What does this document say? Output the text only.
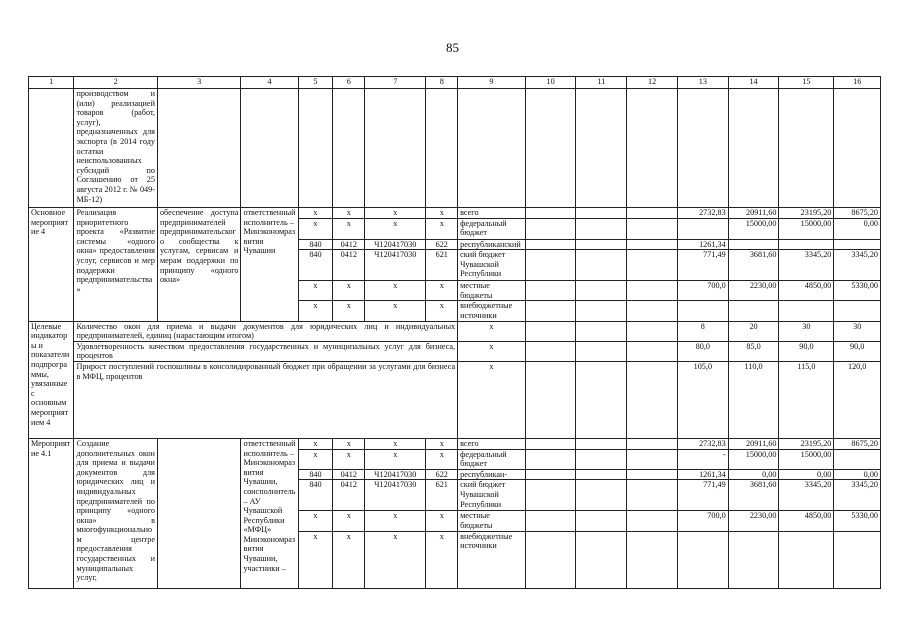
85
1	2	3	4	5	6	7	8	9	10	11	12	13	14	15	16
	производством и (или) реализацией товаров (работ, услуг), предназначенных для экспорта (в 2014 году остатки неиспользованных субсидий по Соглашению от 25 августа 2012 г. № 049-МБ-12)														
Основное мероприятие 4	Реализация приоритетного проекта «Развитие системы «одного окна» предоставления услуг, сервисов и мер поддержки предпринимательства»	обеспечение доступа предпринимателей предпринимательского сообщества к услугам, сервисам и мерам поддержки по принципу «одного окна»	ответственный исполнитель – Минэкономразвития Чувашии	x	x	x	x	всего				2732,83	20911,60	23195,20	8675,20
				x	x	x	x	федеральный бюджет					15000,00	15000,00	0,00
				840	0412	Ч120417030	622	республиканский				1261,34			
				840	0412	Ч120417030	621	ский бюджет Чувашской Республики				771,49	3681,60	3345,20	3345,20
				x	x	x	x	местные бюджеты				700,0	2230,00	4850,00	5330,00
				x	x	x	x	внебюджетные источники							
Целевые индикаторы и показатели подпрограммы, увязанные с основным мероприятием 4	Количество окон для приема и выдачи документов для юридических лиц и индивидуальных предпринимателей, единиц (нарастающим итогом)							x				8	20	30	30
	Удовлетворенность качеством предоставления государственных и муниципальных услуг для бизнеса, процентов							x				80,0	85,0	90,0	90,0
	Прирост поступлений госпошлины в консолидированный бюджет при обращении за услугами для бизнеса в МФЦ, процентов							x				105,0	110,0	115,0	120,0
Мероприятие 4.1	Создание дополнительных окон для приема и выдачи документов для юридических лиц и индивидуальных предпринимателей по принципу «одного окна» в многофункциональном центре предоставления государственных и муниципальных услуг,		ответственный исполнитель – Минэкономразвития Чувашии, соисполнитель – АУ Чувашской Республики «МФЦ» Минэкономразвития Чувашии, участники –	x	x	x	x	всего				2732,83	20911,60	23195,20	8675,20
				x	x	x	x	федеральный бюджет				-	15000,00	15000,00	
				840	0412	Ч120417030	622	республикан-				1261,34	0,00	0,00	0,00
				840	0412	Ч120417030	621	ский бюджет Чувашской Республики				771,49	3681,60	3345,20	3345,20
				x	x	x	x	местные бюджеты				700,0	2230,00	4850,00	5330,00
				x	x	x	x	внебюджетные источники							
